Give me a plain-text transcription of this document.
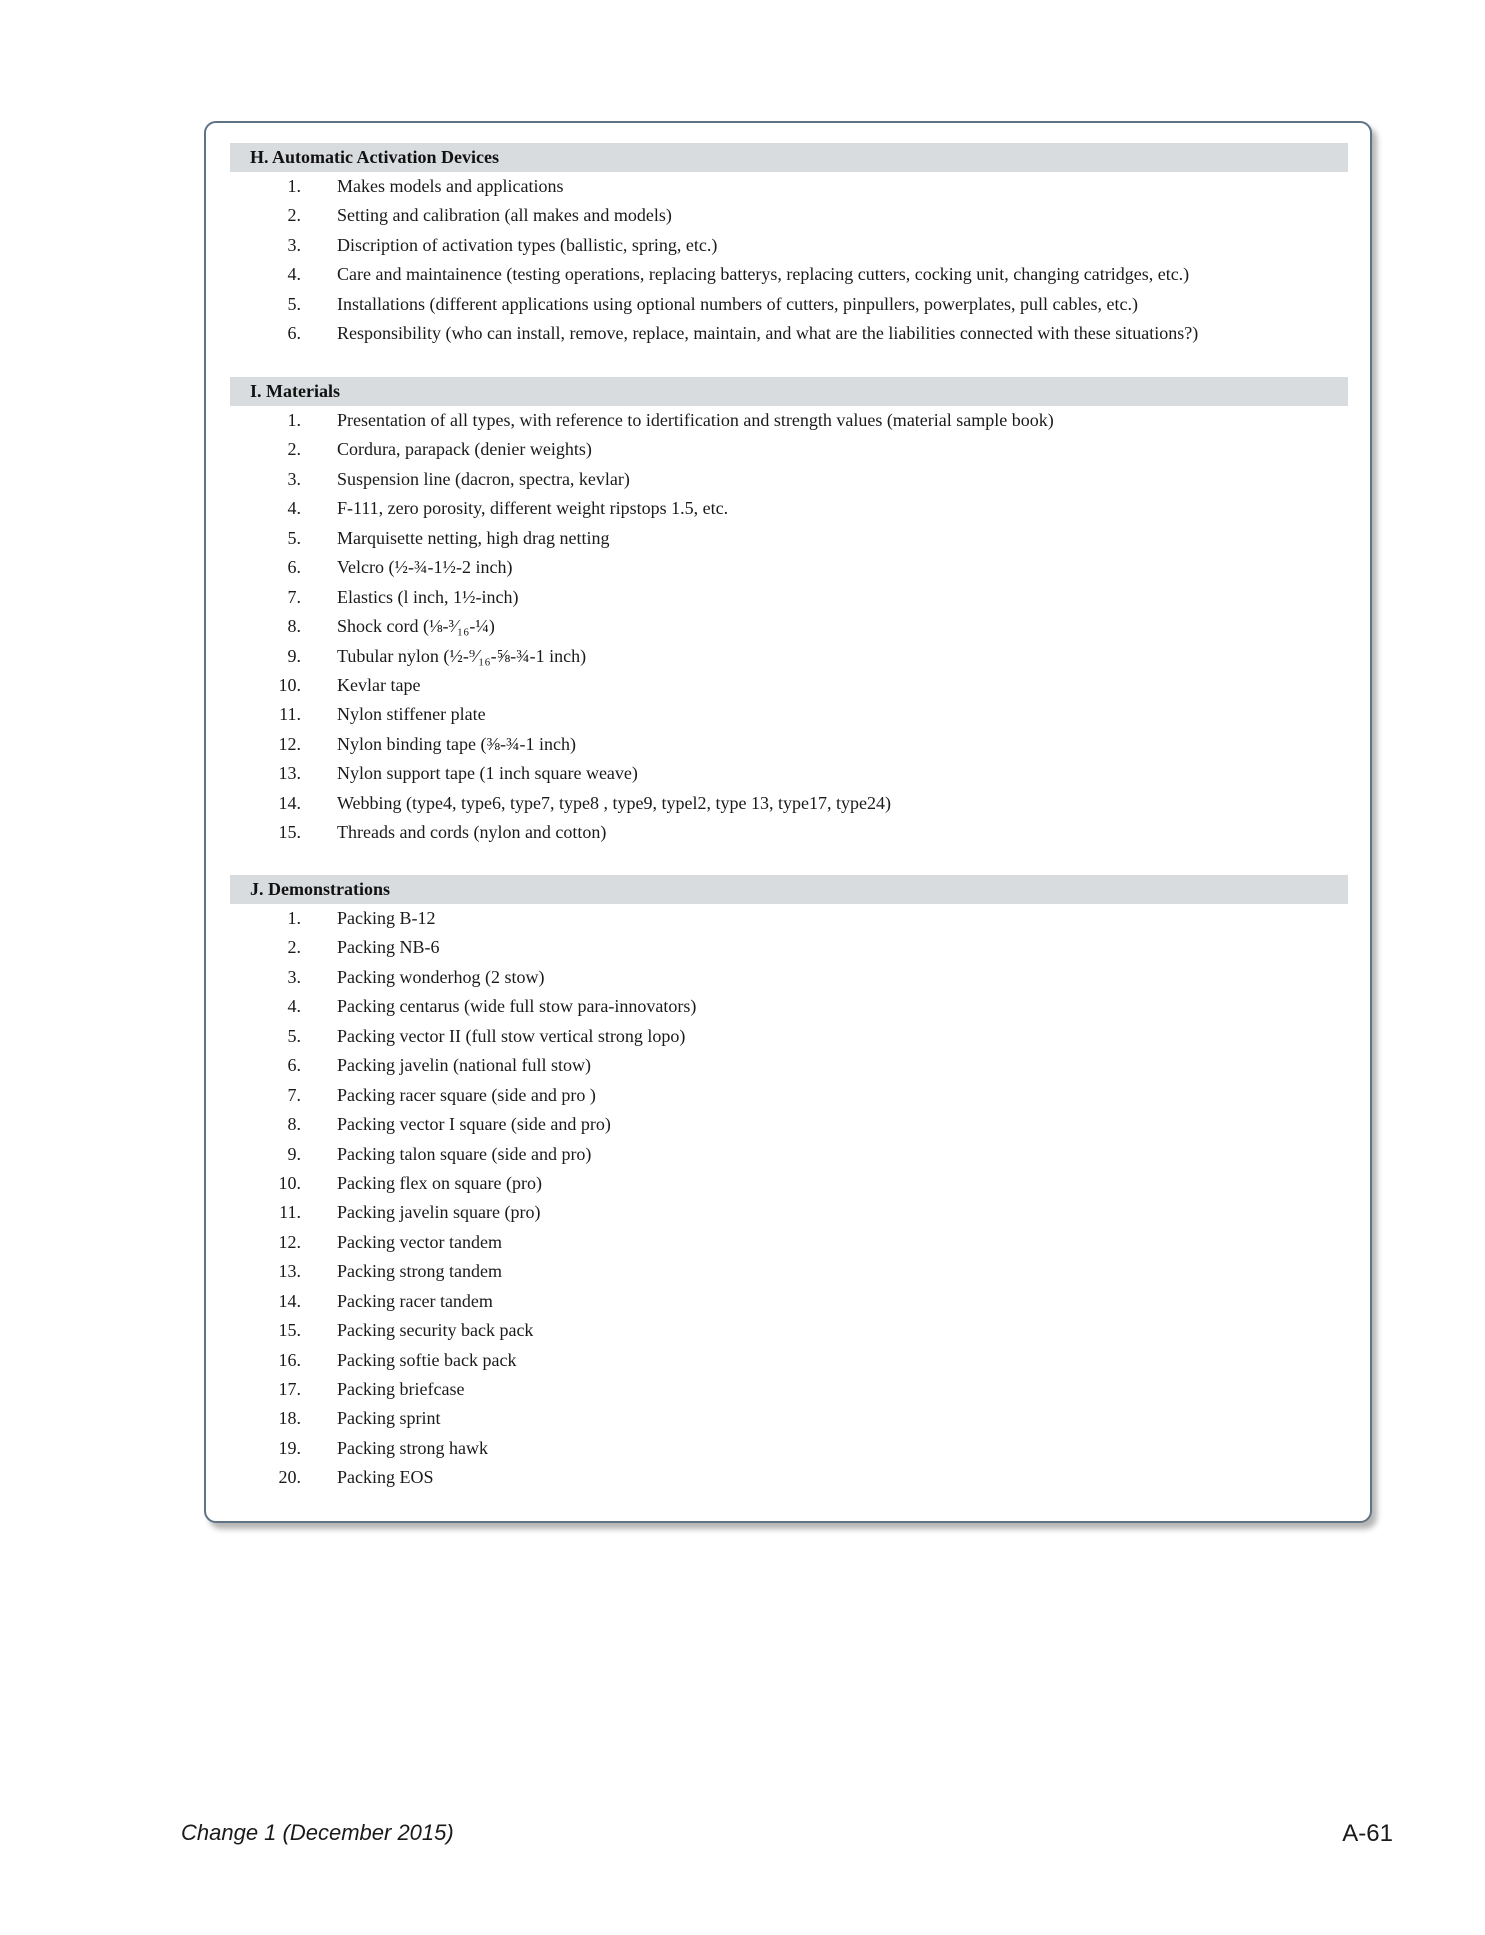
H. Automatic Activation Devices
1. Makes models and applications
2. Setting and calibration (all makes and models)
3. Discription of activation types (ballistic, spring, etc.)
4. Care and maintainence (testing operations, replacing batterys, replacing cutters, cocking unit, changing catridges, etc.)
5. Installations (different applications using optional numbers of cutters, pinpullers, powerplates, pull cables, etc.)
6. Responsibility (who can install, remove, replace, maintain, and what are the liabilities connected with these situations?)
I. Materials
1. Presentation of all types, with reference to idertification and strength values (material sample book)
2. Cordura, parapack (denier weights)
3. Suspension line (dacron, spectra, kevlar)
4. F-111, zero porosity, different weight ripstops 1.5, etc.
5. Marquisette netting, high drag netting
6. Velcro (½-¾-1½-2 inch)
7. Elastics (l inch, 1½-inch)
8. Shock cord (⅛-³⁄₁₆-¼)
9. Tubular nylon (½-⁹⁄₁₆-⅝-¾-1 inch)
10. Kevlar tape
11. Nylon stiffener plate
12. Nylon binding tape (⅜-¾-1 inch)
13. Nylon support tape (1 inch square weave)
14. Webbing (type4, type6, type7, type8 , type9, typel2, type 13, type17, type24)
15. Threads and cords (nylon and cotton)
J. Demonstrations
1. Packing B-12
2. Packing NB-6
3. Packing wonderhog (2 stow)
4. Packing centarus (wide full stow para-innovators)
5. Packing vector II (full stow vertical strong lopo)
6. Packing javelin (national full stow)
7. Packing racer square (side and pro )
8. Packing vector I square (side and pro)
9. Packing talon square (side and pro)
10. Packing flex on square (pro)
11. Packing javelin square (pro)
12. Packing vector tandem
13. Packing strong tandem
14. Packing racer tandem
15. Packing security back pack
16. Packing softie back pack
17. Packing briefcase
18. Packing sprint
19. Packing strong hawk
20. Packing EOS
Change 1 (December 2015)	A-61
